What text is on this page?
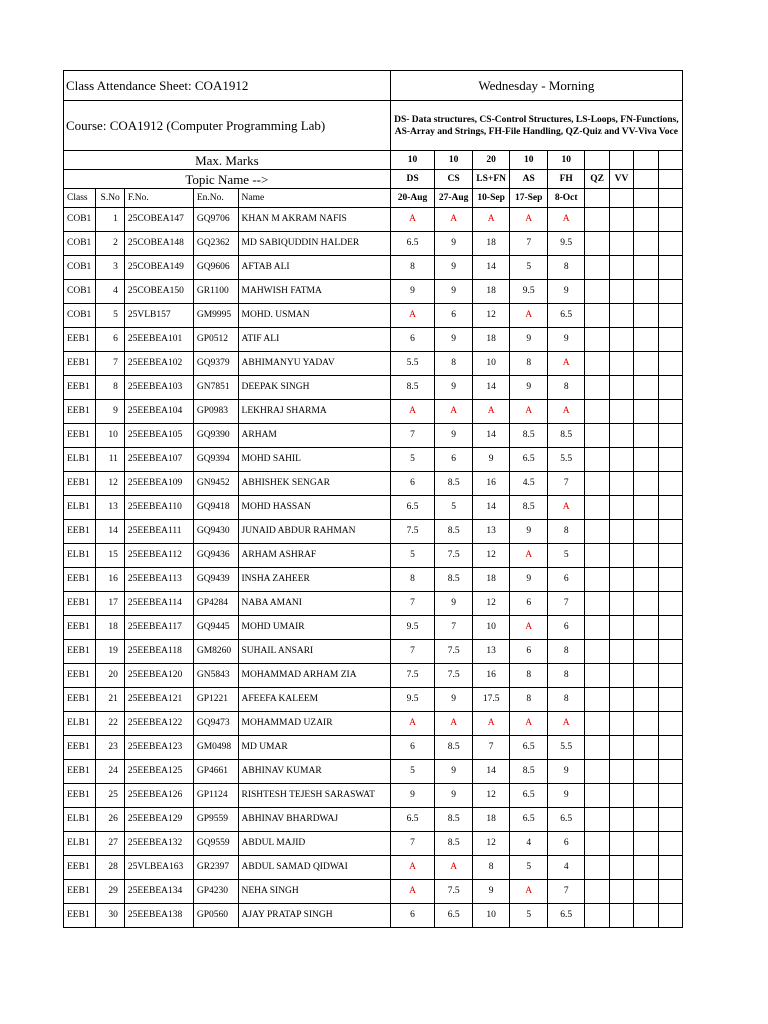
Class Attendance Sheet: COA1912					Wednesday - Morning								
Course: COA1912 (Computer Programming Lab)					DS- Data structures, CS-Control Structures, LS-Loops, FN-Functions, AS-Array and Strings, FH-File Handling, QZ-Quiz and VV-Viva Voce								
Max. Marks					10	10	20	10	10				
Topic Name -->					DS	CS	LS+FN	AS	FH	QZ	VV		
Class	S.No	F.No.	En.No.	Name	20-Aug	27-Aug	10-Sep	17-Sep	8-Oct				
COB1	1	25COBEA147	GQ9706	KHAN M AKRAM NAFIS	A	A	A	A	A				
COB1	2	25COBEA148	GQ2362	MD SABIQUDDIN HALDER	6.5	9	18	7	9.5				
COB1	3	25COBEA149	GQ9606	AFTAB ALI	8	9	14	5	8				
COB1	4	25COBEA150	GR1100	MAHWISH FATMA	9	9	18	9.5	9				
COB1	5	25VLB157	GM9995	MOHD. USMAN	A	6	12	A	6.5				
EEB1	6	25EEBEA101	GP0512	ATIF ALI	6	9	18	9	9				
EEB1	7	25EEBEA102	GQ9379	ABHIMANYU YADAV	5.5	8	10	8	A				
EEB1	8	25EEBEA103	GN7851	DEEPAK SINGH	8.5	9	14	9	8				
EEB1	9	25EEBEA104	GP0983	LEKHRAJ SHARMA	A	A	A	A	A				
EEB1	10	25EEBEA105	GQ9390	ARHAM	7	9	14	8.5	8.5				
ELB1	11	25EEBEA107	GQ9394	MOHD SAHIL	5	6	9	6.5	5.5				
EEB1	12	25EEBEA109	GN9452	ABHISHEK SENGAR	6	8.5	16	4.5	7				
ELB1	13	25EEBEA110	GQ9418	MOHD HASSAN	6.5	5	14	8.5	A				
EEB1	14	25EEBEA111	GQ9430	JUNAID ABDUR RAHMAN	7.5	8.5	13	9	8				
ELB1	15	25EEBEA112	GQ9436	ARHAM ASHRAF	5	7.5	12	A	5				
EEB1	16	25EEBEA113	GQ9439	INSHA ZAHEER	8	8.5	18	9	6				
EEB1	17	25EEBEA114	GP4284	NABA AMANI	7	9	12	6	7				
EEB1	18	25EEBEA117	GQ9445	MOHD UMAIR	9.5	7	10	A	6				
EEB1	19	25EEBEA118	GM8260	SUHAIL ANSARI	7	7.5	13	6	8				
EEB1	20	25EEBEA120	GN5843	MOHAMMAD ARHAM ZIA	7.5	7.5	16	8	8				
EEB1	21	25EEBEA121	GP1221	AFEEFA KALEEM	9.5	9	17.5	8	8				
ELB1	22	25EEBEA122	GQ9473	MOHAMMAD UZAIR	A	A	A	A	A				
EEB1	23	25EEBEA123	GM0498	MD UMAR	6	8.5	7	6.5	5.5				
EEB1	24	25EEBEA125	GP4661	ABHINAV KUMAR	5	9	14	8.5	9				
EEB1	25	25EEBEA126	GP1124	RISHTESH TEJESH SARASWAT	9	9	12	6.5	9				
ELB1	26	25EEBEA129	GP9559	ABHINAV BHARDWAJ	6.5	8.5	18	6.5	6.5				
ELB1	27	25EEBEA132	GQ9559	ABDUL MAJID	7	8.5	12	4	6				
EEB1	28	25VLBEA163	GR2397	ABDUL SAMAD QIDWAI	A	A	8	5	4				
EEB1	29	25EEBEA134	GP4230	NEHA SINGH	A	7.5	9	A	7				
EEB1	30	25EEBEA138	GP0560	AJAY PRATAP SINGH	6	6.5	10	5	6.5				
